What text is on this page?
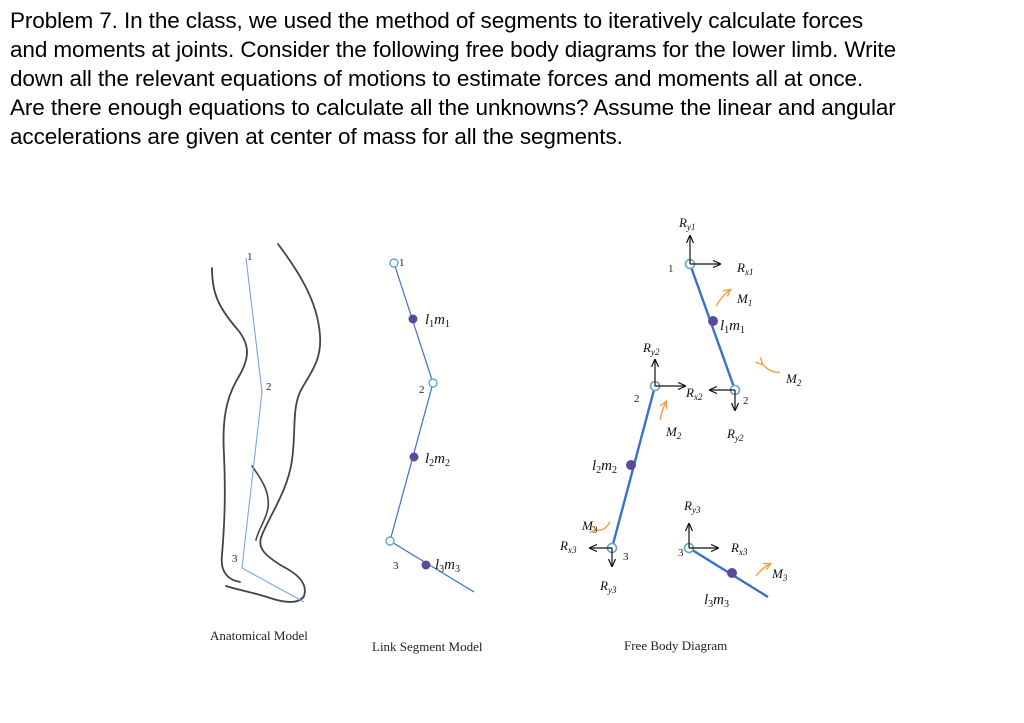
Problem 7. In the class, we used the method of segments to iteratively calculate forces
and moments at joints. Consider the following free body diagrams for the lower limb. Write
down all the relevant equations of motions to estimate forces and moments all at once.
Are there enough equations to calculate all the unknowns? Assume the linear and angular
accelerations are given at center of mass for all the segments.
1
2
3
Anatomical Model
1
2
3
$l_1m_1$
$l_2m_2$
$l_3m_3$
Link Segment Model
1
$R_{y1}$
$R_{x1}$
$M_1$
$l_1m_1$
2
$R_{x2}$
$R_{y2}$
$M_2$
2
$R_{y2}$
$M_2$
$l_2m_2$
3
$R_{x3}$
$R_{y3}$
$M_3$
3
$R_{y3}$
$R_{x3}$
$M_3$
$l_3m_3$
Free Body Diagram
